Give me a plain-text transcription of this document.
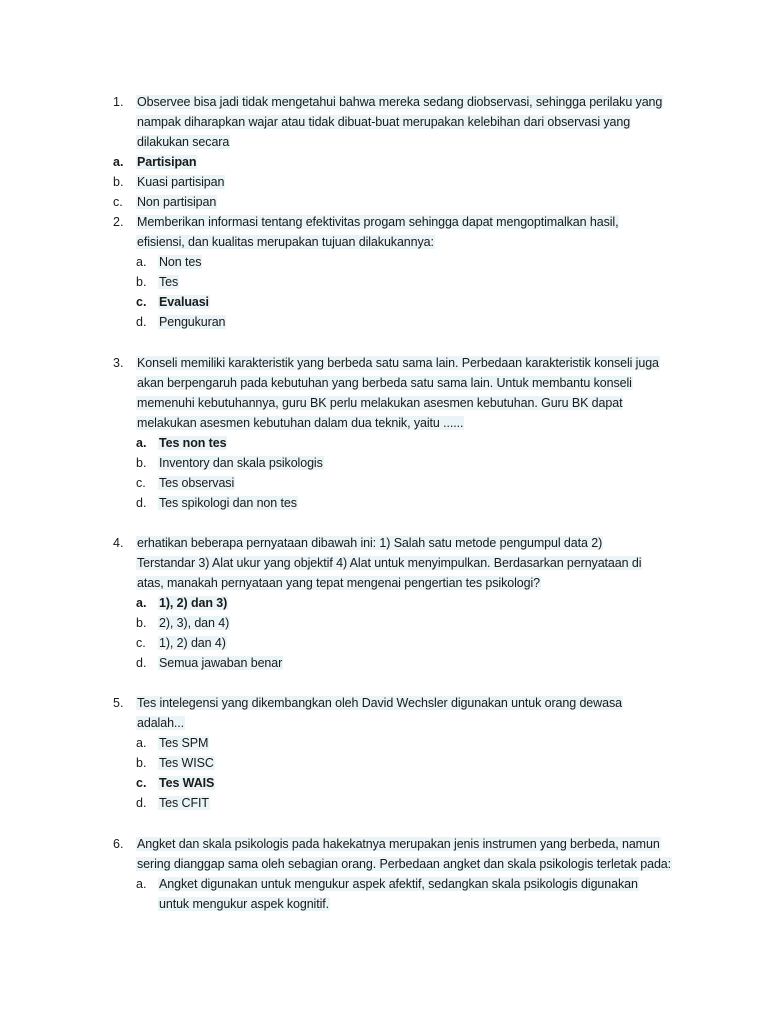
1. Observee bisa jadi tidak mengetahui bahwa mereka sedang diobservasi, sehingga perilaku yang
nampak diharapkan wajar atau tidak dibuat-buat merupakan kelebihan dari observasi yang
dilakukan secara
a. Partisipan
b. Kuasi partisipan
c. Non partisipan
2. Memberikan informasi tentang efektivitas progam sehingga dapat mengoptimalkan hasil,
efisiensi, dan kualitas merupakan tujuan dilakukannya:
a. Non tes
b. Tes
c. Evaluasi
d. Pengukuran
3. Konseli memiliki karakteristik yang berbeda satu sama lain. Perbedaan karakteristik konseli juga
akan berpengaruh pada kebutuhan yang berbeda satu sama lain. Untuk membantu konseli
memenuhi kebutuhannya, guru BK perlu melakukan asesmen kebutuhan. Guru BK dapat
melakukan asesmen kebutuhan dalam dua teknik, yaitu ......
a. Tes non tes
b. Inventory dan skala psikologis
c. Tes observasi
d. Tes spikologi dan non tes
4. erhatikan beberapa pernyataan dibawah ini: 1) Salah satu metode pengumpul data 2)
Terstandar 3) Alat ukur yang objektif 4) Alat untuk menyimpulkan. Berdasarkan pernyataan di
atas, manakah pernyataan yang tepat mengenai pengertian tes psikologi?
a. 1), 2) dan 3)
b. 2), 3), dan 4)
c. 1), 2) dan 4)
d. Semua jawaban benar
5. Tes intelegensi yang dikembangkan oleh David Wechsler digunakan untuk orang dewasa
adalah...
a. Tes SPM
b. Tes WISC
c. Tes WAIS
d. Tes CFIT
6. Angket dan skala psikologis pada hakekatnya merupakan jenis instrumen yang berbeda, namun
sering dianggap sama oleh sebagian orang. Perbedaan angket dan skala psikologis terletak pada:
a. Angket digunakan untuk mengukur aspek afektif, sedangkan skala psikologis digunakan
untuk mengukur aspek kognitif.
